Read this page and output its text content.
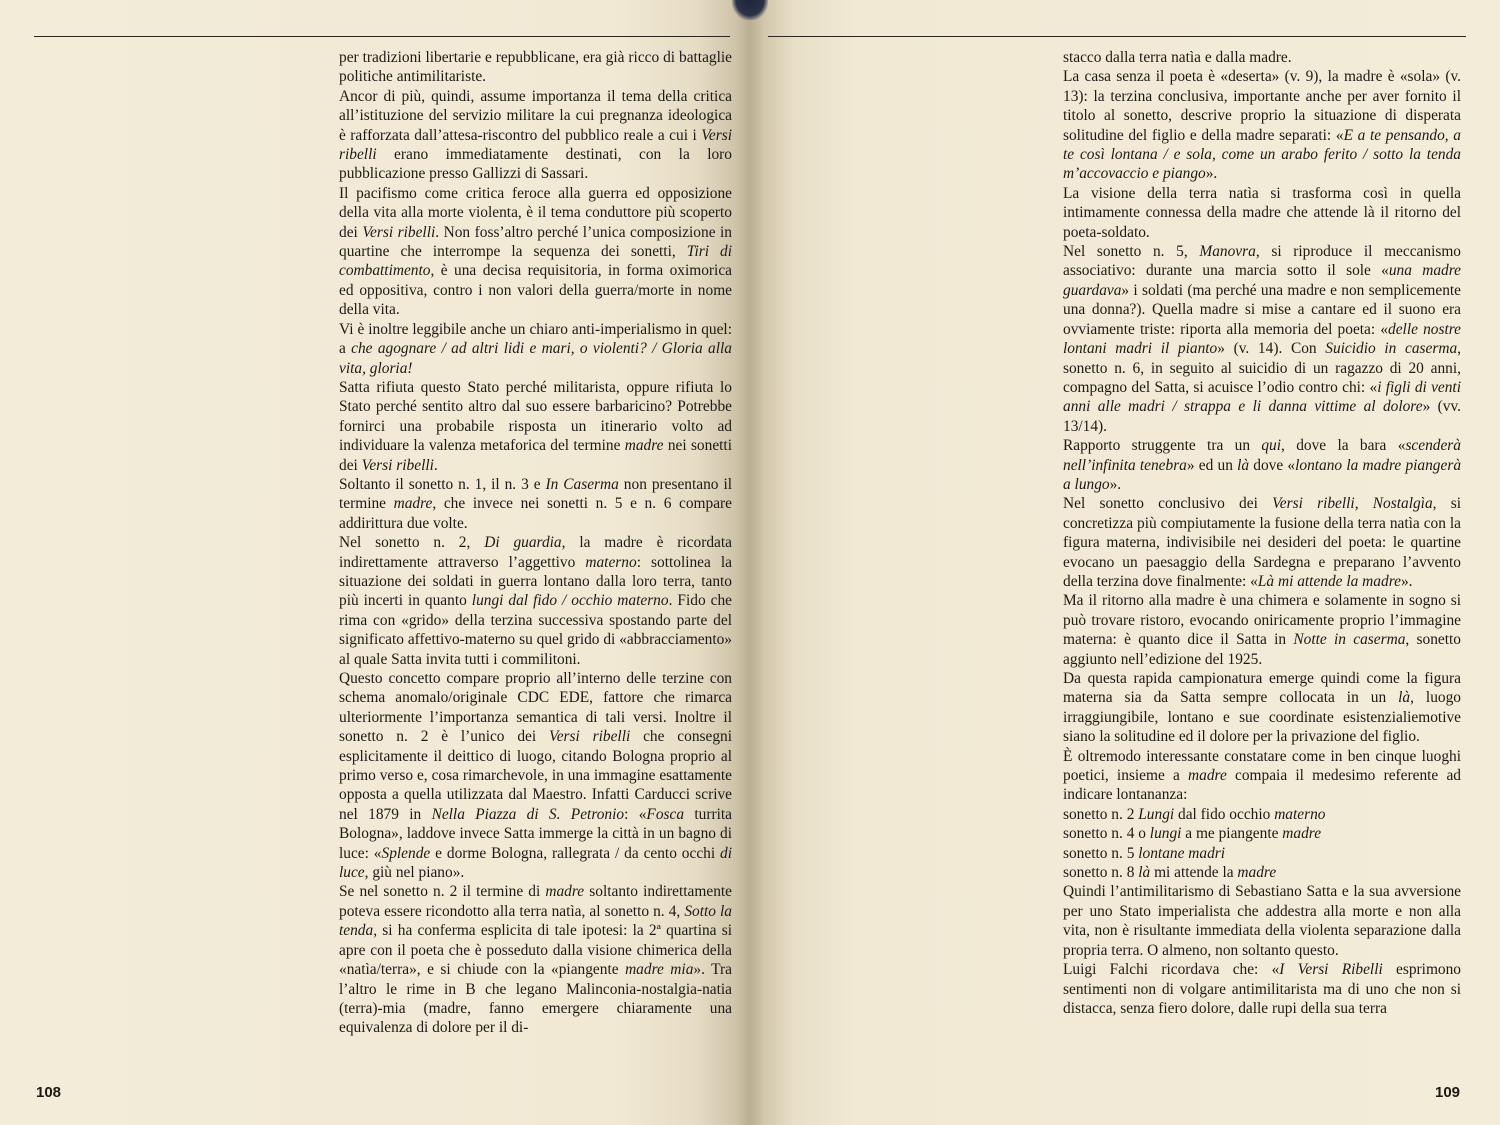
per tradizioni libertarie e repubblicane, era già ricco di battaglie politiche antimilitariste.

Ancor di più, quindi, assume importanza il tema della critica all’istituzione del servizio militare la cui pregnanza ideologica è rafforzata dall’attesa-riscontro del pubblico reale a cui i Versi ribelli erano immediatamente destinati, con la loro pubblicazione presso Gallizzi di Sassari.

Il pacifismo come critica feroce alla guerra ed opposizione della vita alla morte violenta, è il tema conduttore più scoperto dei Versi ribelli. Non foss’altro perché l’unica composizione in quartine che interrompe la sequenza dei sonetti, Tiri di combattimento, è una decisa requisitoria, in forma oximorica ed oppositiva, contro i non valori della guerra/morte in nome della vita.

Vi è inoltre leggibile anche un chiaro anti-imperialismo in quel: a che agognare / ad altri lidi e mari, o violenti? / Gloria alla vita, gloria!

Satta rifiuta questo Stato perché militarista, oppure rifiuta lo Stato perché sentito altro dal suo essere barbaricino? Potrebbe fornirci una probabile risposta un itinerario volto ad individuare la valenza metaforica del termine madre nei sonetti dei Versi ribelli.

Soltanto il sonetto n. 1, il n. 3 e In Caserma non presentano il termine madre, che invece nei sonetti n. 5 e n. 6 compare addirittura due volte.

Nel sonetto n. 2, Di guardia, la madre è ricordata indirettamente attraverso l’aggettivo materno: sottolinea la situazione dei soldati in guerra lontano dalla loro terra, tanto più incerti in quanto lungi dal fido / occhio materno. Fido che rima con «grido» della terzina successiva spostando parte del significato affettivo-materno su quel grido di «abbracciamento» al quale Satta invita tutti i commilitoni.

Questo concetto compare proprio all’interno delle terzine con schema anomalo/originale CDC EDE, fattore che rimarca ulteriormente l’importanza semantica di tali versi. Inoltre il sonetto n. 2 è l’unico dei Versi ribelli che consegni esplicitamente il deittico di luogo, citando Bologna proprio al primo verso e, cosa rimarchevole, in una immagine esattamente opposta a quella utilizzata dal Maestro. Infatti Carducci scrive nel 1879 in Nella Piazza di S. Petronio: «Fosca turrita Bologna», laddove invece Satta immerge la città in un bagno di luce: «Splende e dorme Bologna, rallegrata / da cento occhi di luce, giù nel piano».

Se nel sonetto n. 2 il termine di madre soltanto indirettamente poteva essere ricondotto alla terra natìa, al sonetto n. 4, Sotto la tenda, si ha conferma esplicita di tale ipotesi: la 2ª quartina si apre con il poeta che è posseduto dalla visione chimerica della «natìa/terra», e si chiude con la «piangente madre mia». Tra l’altro le rime in B che legano Malinconia-nostalgia-natia (terra)-mia (madre, fanno emergere chiaramente una equivalenza di dolore per il di-

108

stacco dalla terra natìa e dalla madre.

La casa senza il poeta è «deserta» (v. 9), la madre è «sola» (v. 13): la terzina conclusiva, importante anche per aver fornito il titolo al sonetto, descrive proprio la situazione di disperata solitudine del figlio e della madre separati: «E a te pensando, a te così lontana / e sola, come un arabo ferito / sotto la tenda m’accovaccio e piango».

La visione della terra natìa si trasforma così in quella intimamente connessa della madre che attende là il ritorno del poeta-soldato.

Nel sonetto n. 5, Manovra, si riproduce il meccanismo associativo: durante una marcia sotto il sole «una madre guardava» i soldati (ma perché una madre e non semplicemente una donna?). Quella madre si mise a cantare ed il suono era ovviamente triste: riporta alla memoria del poeta: «delle nostre lontani madri il pianto» (v. 14). Con Suicidio in caserma, sonetto n. 6, in seguito al suicidio di un ragazzo di 20 anni, compagno del Satta, si acuisce l’odio contro chi: «i figli di venti anni alle madri / strappa e li danna vittime al dolore» (vv. 13/14).

Rapporto struggente tra un qui, dove la bara «scenderà nell’infinita tenebra» ed un là dove «lontano la madre piangerà a lungo».

Nel sonetto conclusivo dei Versi ribelli, Nostalgìa, si concretizza più compiutamente la fusione della terra natìa con la figura materna, indivisibile nei desideri del poeta: le quartine evocano un paesaggio della Sardegna e preparano l’avvento della terzina dove finalmente: «Là mi attende la madre».

Ma il ritorno alla madre è una chimera e solamente in sogno si può trovare ristoro, evocando oniricamente proprio l’immagine materna: è quanto dice il Satta in Notte in caserma, sonetto aggiunto nell’edizione del 1925.

Da questa rapida campionatura emerge quindi come la figura materna sia da Satta sempre collocata in un là, luogo irraggiungibile, lontano e sue coordinate esistenzialiemotive siano la solitudine ed il dolore per la privazione del figlio.

È oltremodo interessante constatare come in ben cinque luoghi poetici, insieme a madre compaia il medesimo referente ad indicare lontananza:

sonetto n. 2 Lungi dal fido occhio materno

sonetto n. 4 o lungi a me piangente madre

sonetto n. 5 lontane madri

sonetto n. 8 là mi attende la madre

Quindi l’antimilitarismo di Sebastiano Satta e la sua avversione per uno Stato imperialista che addestra alla morte e non alla vita, non è risultante immediata della violenta separazione dalla propria terra. O almeno, non soltanto questo.

Luigi Falchi ricordava che: «I Versi Ribelli esprimono sentimenti non di volgare antimilitarista ma di uno che non si distacca, senza fiero dolore, dalle rupi della sua terra

109
